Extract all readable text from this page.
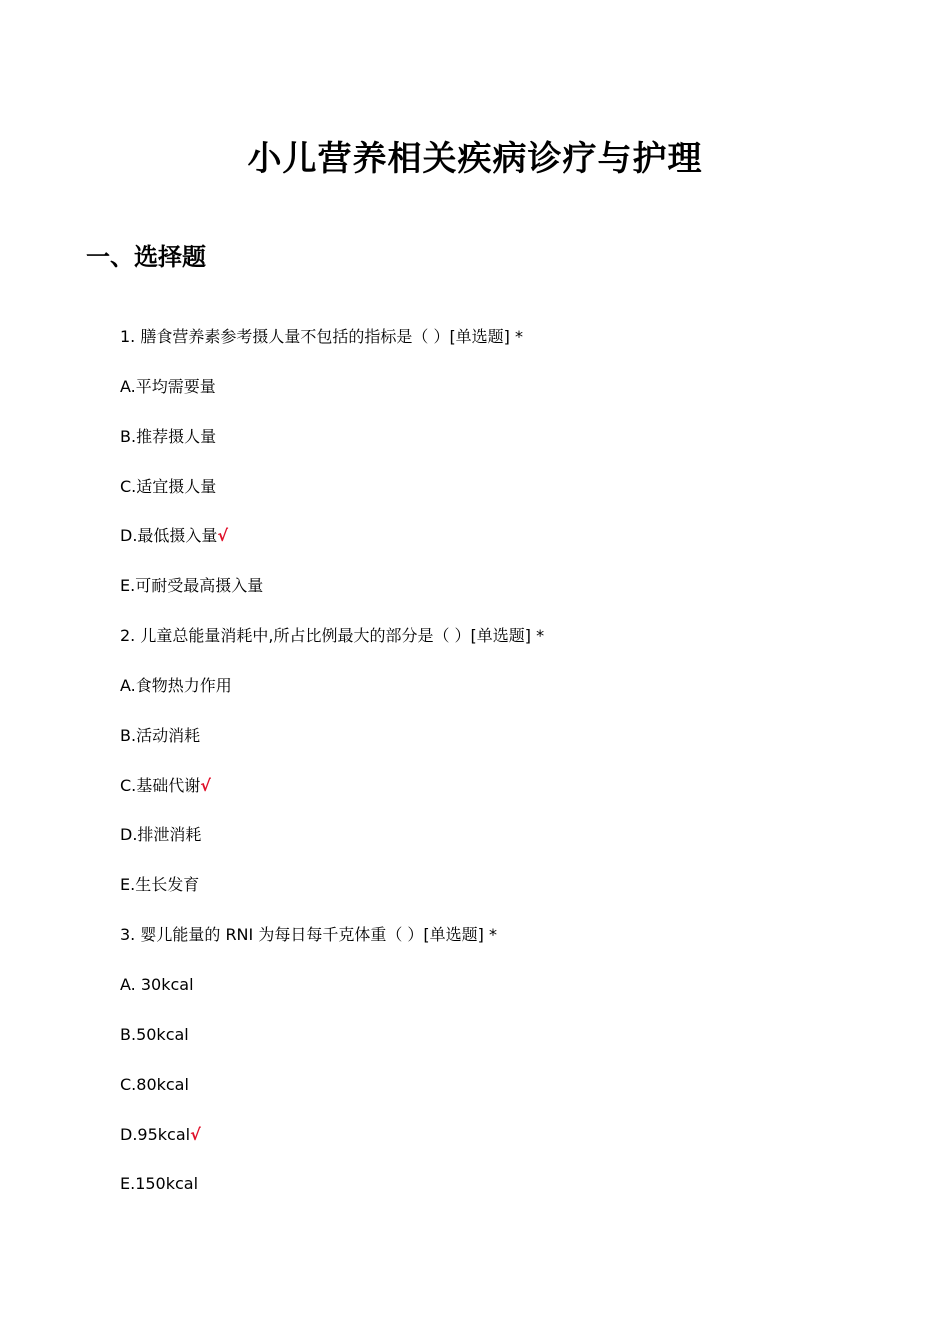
小儿营养相关疾病诊疗与护理
一、选择题
1. 膳食营养素参考摄人量不包括的指标是（ ）[单选题] *
A.平均需要量
B.推荐摄人量
C.适宜摄人量
D.最低摄入量√
E.可耐受最高摄入量
2. 儿童总能量消耗中,所占比例最大的部分是（ ）[单选题] *
A.食物热力作用
B.活动消耗
C.基础代谢√
D.排泄消耗
E.生长发育
3. 婴儿能量的 RNI 为每日每千克体重（ ）[单选题] *
A. 30kcal
B.50kcal
C.80kcal
D.95kcal√
E.150kcal
